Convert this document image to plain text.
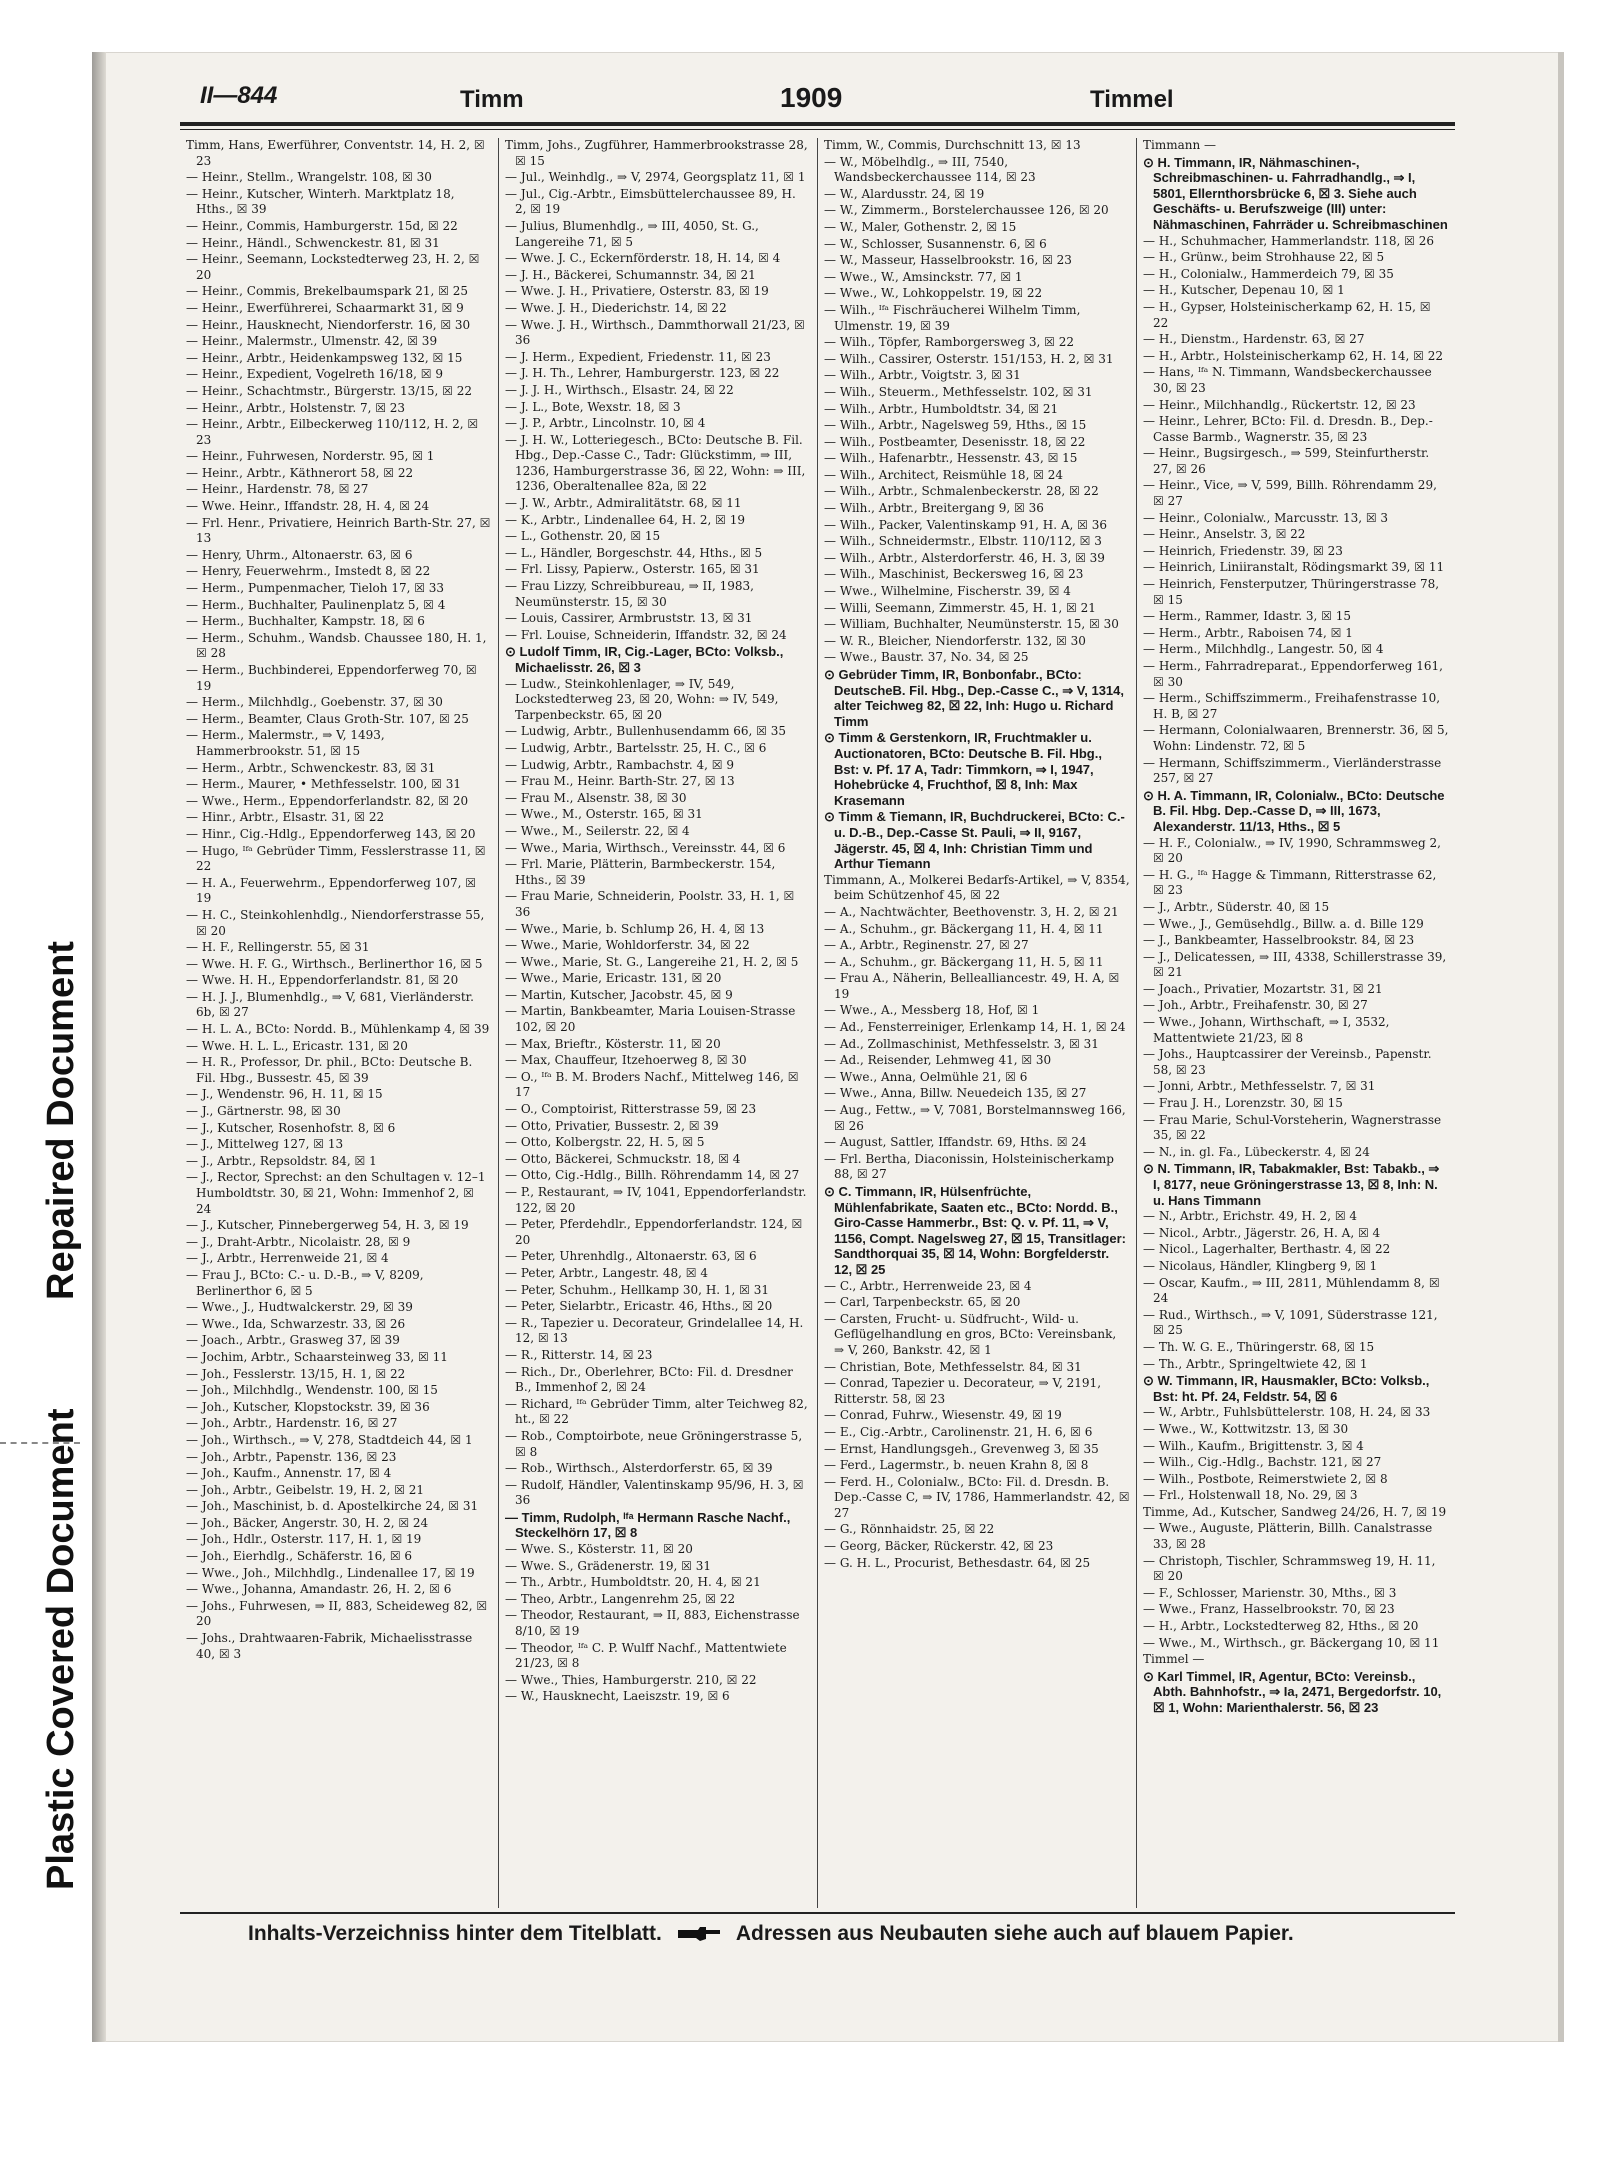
Repaired Document
Plastic Covered Document
II—844	Timm	1909	Timmel
Timm, Hans, Ewerführer, Conventstr. 14, H. 2, ☒ 23
— Heinr., Stellm., Wrangelstr. 108, ☒ 30
— Heinr., Kutscher, Winterh. Marktplatz 18, Hths., ☒ 39
— Heinr., Commis, Hamburgerstr. 15d, ☒ 22
— Heinr., Händl., Schwenckestr. 81, ☒ 31
— Heinr., Seemann, Lockstedterweg 23, H. 2, ☒ 20
— Heinr., Commis, Brekelbaumspark 21, ☒ 25
— Heinr., Ewerführerei, Schaarmarkt 31, ☒ 9
— Heinr., Hausknecht, Niendorferstr. 16, ☒ 30
— Heinr., Malermstr., Ulmenstr. 42, ☒ 39
— Heinr., Arbtr., Heidenkampsweg 132, ☒ 15
— Heinr., Expedient, Vogelreth 16/18, ☒ 9
— Heinr., Schachtmstr., Bürgerstr. 13/15, ☒ 22
— Heinr., Arbtr., Holstenstr. 7, ☒ 23
— Heinr., Arbtr., Eilbeckerweg 110/112, H. 2, ☒ 23
— Heinr., Fuhrwesen, Norderstr. 95, ☒ 1
— Heinr., Arbtr., Käthnerort 58, ☒ 22
— Heinr., Hardenstr. 78, ☒ 27
— Wwe. Heinr., Iffandstr. 28, H. 4, ☒ 24
— Frl. Henr., Privatiere, Heinrich Barth-Str. 27, ☒ 13
— Henry, Uhrm., Altonaerstr. 63, ☒ 6
— Henry, Feuerwehrm., Imstedt 8, ☒ 22
— Herm., Pumpenmacher, Tieloh 17, ☒ 33
— Herm., Buchhalter, Paulinenplatz 5, ☒ 4
— Herm., Buchhalter, Kampstr. 18, ☒ 6
— Herm., Schuhm., Wandsb. Chaussee 180, H. 1, ☒ 28
— Herm., Buchbinderei, Eppendorferweg 70, ☒ 19
— Herm., Milchhdlg., Goebenstr. 37, ☒ 30
— Herm., Beamter, Claus Groth-Str. 107, ☒ 25
— Herm., Malermstr., ⇒ V, 1493, Hammerbrookstr. 51, ☒ 15
— Herm., Arbtr., Schwenckestr. 83, ☒ 31
— Herm., Maurer, • Methfesselstr. 100, ☒ 31
— Wwe., Herm., Eppendorferlandstr. 82, ☒ 20
— Hinr., Arbtr., Elsastr. 31, ☒ 22
— Hinr., Cig.-Hdlg., Eppendorferweg 143, ☒ 20
— Hugo, ᴵᶠᵃ Gebrüder Timm, Fesslerstrasse 11, ☒ 22
— H. A., Feuerwehrm., Eppendorferweg 107, ☒ 19
— H. C., Steinkohlenhdlg., Niendorferstrasse 55, ☒ 20
— H. F., Rellingerstr. 55, ☒ 31
— Wwe. H. F. G., Wirthsch., Berlinerthor 16, ☒ 5
— Wwe. H. H., Eppendorferlandstr. 81, ☒ 20
— H. J. J., Blumenhdlg., ⇒ V, 681, Vierländerstr. 6b, ☒ 27
— H. L. A., BCto: Nordd. B., Mühlenkamp 4, ☒ 39
— Wwe. H. L. L., Ericastr. 131, ☒ 20
— H. R., Professor, Dr. phil., BCto: Deutsche B. Fil. Hbg., Bussestr. 45, ☒ 39
— J., Wendenstr. 96, H. 11, ☒ 15
— J., Gärtnerstr. 98, ☒ 30
— J., Kutscher, Rosenhofstr. 8, ☒ 6
— J., Mittelweg 127, ☒ 13
— J., Arbtr., Repsoldstr. 84, ☒ 1
— J., Rector, Sprechst: an den Schultagen v. 12–1 Humboldtstr. 30, ☒ 21, Wohn: Immenhof 2, ☒ 24
— J., Kutscher, Pinnebergerweg 54, H. 3, ☒ 19
— J., Draht-Arbtr., Nicolaistr. 28, ☒ 9
— J., Arbtr., Herrenweide 21, ☒ 4
— Frau J., BCto: C.- u. D.-B., ⇒ V, 8209, Berlinerthor 6, ☒ 5
— Wwe., J., Hudtwalckerstr. 29, ☒ 39
— Wwe., Ida, Schwarzestr. 33, ☒ 26
— Joach., Arbtr., Grasweg 37, ☒ 39
— Jochim, Arbtr., Schaarsteinweg 33, ☒ 11
— Joh., Fesslerstr. 13/15, H. 1, ☒ 22
— Joh., Milchhdlg., Wendenstr. 100, ☒ 15
— Joh., Kutscher, Klopstockstr. 39, ☒ 36
— Joh., Arbtr., Hardenstr. 16, ☒ 27
— Joh., Wirthsch., ⇒ V, 278, Stadtdeich 44, ☒ 1
— Joh., Arbtr., Papenstr. 136, ☒ 23
— Joh., Kaufm., Annenstr. 17, ☒ 4
— Joh., Arbtr., Geibelstr. 19, H. 2, ☒ 21
— Joh., Maschinist, b. d. Apostelkirche 24, ☒ 31
— Joh., Bäcker, Angerstr. 30, H. 2, ☒ 24
— Joh., Hdlr., Osterstr. 117, H. 1, ☒ 19
— Joh., Eierhdlg., Schäferstr. 16, ☒ 6
— Wwe., Joh., Milchhdlg., Lindenallee 17, ☒ 19
— Wwe., Johanna, Amandastr. 26, H. 2, ☒ 6
— Johs., Fuhrwesen, ⇒ II, 883, Scheideweg 82, ☒ 20
— Johs., Drahtwaaren-Fabrik, Michaelisstrasse 40, ☒ 3
Timm, Johs., Zugführer, Hammerbrookstrasse 28, ☒ 15
— Jul., Weinhdlg., ⇒ V, 2974, Georgsplatz 11, ☒ 1
— Jul., Cig.-Arbtr., Eimsbüttelerchaussee 89, H. 2, ☒ 19
— Julius, Blumenhdlg., ⇒ III, 4050, St. G., Langereihe 71, ☒ 5
— Wwe. J. C., Eckernförderstr. 18, H. 14, ☒ 4
— J. H., Bäckerei, Schumannstr. 34, ☒ 21
— Wwe. J. H., Privatiere, Osterstr. 83, ☒ 19
— Wwe. J. H., Diederichstr. 14, ☒ 22
— Wwe. J. H., Wirthsch., Dammthorwall 21/23, ☒ 36
— J. Herm., Expedient, Friedenstr. 11, ☒ 23
— J. H. Th., Lehrer, Hamburgerstr. 123, ☒ 22
— J. J. H., Wirthsch., Elsastr. 24, ☒ 22
— J. L., Bote, Wexstr. 18, ☒ 3
— J. P., Arbtr., Lincolnstr. 10, ☒ 4
— J. H. W., Lotteriegesch., BCto: Deutsche B. Fil. Hbg., Dep.-Casse C., Tadr: Glückstimm, ⇒ III, 1236, Hamburgerstrasse 36, ☒ 22, Wohn: ⇒ III, 1236, Oberaltenallee 82a, ☒ 22
— J. W., Arbtr., Admiralitätstr. 68, ☒ 11
— K., Arbtr., Lindenallee 64, H. 2, ☒ 19
— L., Gothenstr. 20, ☒ 15
— L., Händler, Borgeschstr. 44, Hths., ☒ 5
— Frl. Lissy, Papierw., Osterstr. 165, ☒ 31
— Frau Lizzy, Schreibbureau, ⇒ II, 1983, Neumünsterstr. 15, ☒ 30
— Louis, Cassirer, Armbruststr. 13, ☒ 31
— Frl. Louise, Schneiderin, Iffandstr. 32, ☒ 24
⊙ Ludolf Timm, IR, Cig.-Lager, BCto: Volksb., Michaelisstr. 26, ☒ 3
— Ludw., Steinkohlenlager, ⇒ IV, 549, Lockstedterweg 23, ☒ 20, Wohn: ⇒ IV, 549, Tarpenbeckstr. 65, ☒ 20
— Ludwig, Arbtr., Bullenhusendamm 66, ☒ 35
— Ludwig, Arbtr., Bartelsstr. 25, H. C., ☒ 6
— Ludwig, Arbtr., Rambachstr. 4, ☒ 9
— Frau M., Heinr. Barth-Str. 27, ☒ 13
— Frau M., Alsenstr. 38, ☒ 30
— Wwe., M., Osterstr. 165, ☒ 31
— Wwe., M., Seilerstr. 22, ☒ 4
— Wwe., Maria, Wirthsch., Vereinsstr. 44, ☒ 6
— Frl. Marie, Plätterin, Barmbeckerstr. 154, Hths., ☒ 39
— Frau Marie, Schneiderin, Poolstr. 33, H. 1, ☒ 36
— Wwe., Marie, b. Schlump 26, H. 4, ☒ 13
— Wwe., Marie, Wohldorferstr. 34, ☒ 22
— Wwe., Marie, St. G., Langereihe 21, H. 2, ☒ 5
— Wwe., Marie, Ericastr. 131, ☒ 20
— Martin, Kutscher, Jacobstr. 45, ☒ 9
— Martin, Bankbeamter, Maria Louisen-Strasse 102, ☒ 20
— Max, Brieftr., Kösterstr. 11, ☒ 20
— Max, Chauffeur, Itzehoerweg 8, ☒ 30
— O., ᴵᶠᵃ B. M. Broders Nachf., Mittelweg 146, ☒ 17
— O., Comptoirist, Ritterstrasse 59, ☒ 23
— Otto, Privatier, Bussestr. 2, ☒ 39
— Otto, Kolbergstr. 22, H. 5, ☒ 5
— Otto, Bäckerei, Schmuckstr. 18, ☒ 4
— Otto, Cig.-Hdlg., Billh. Röhrendamm 14, ☒ 27
— P., Restaurant, ⇒ IV, 1041, Eppendorferlandstr. 122, ☒ 20
— Peter, Pferdehdlr., Eppendorferlandstr. 124, ☒ 20
— Peter, Uhrenhdlg., Altonaerstr. 63, ☒ 6
— Peter, Arbtr., Langestr. 48, ☒ 4
— Peter, Schuhm., Hellkamp 30, H. 1, ☒ 31
— Peter, Sielarbtr., Ericastr. 46, Hths., ☒ 20
— R., Tapezier u. Decorateur, Grindelallee 14, H. 12, ☒ 13
— R., Ritterstr. 14, ☒ 23
— Rich., Dr., Oberlehrer, BCto: Fil. d. Dresdner B., Immenhof 2, ☒ 24
— Richard, ᴵᶠᵃ Gebrüder Timm, alter Teichweg 82, ht., ☒ 22
— Rob., Comptoirbote, neue Gröningerstrasse 5, ☒ 8
— Rob., Wirthsch., Alsterdorferstr. 65, ☒ 39
— Rudolf, Händler, Valentinskamp 95/96, H. 3, ☒ 36
— Timm, Rudolph, ᴵᶠᵃ Hermann Rasche Nachf., Steckelhörn 17, ☒ 8
— Wwe. S., Kösterstr. 11, ☒ 20
— Wwe. S., Grädenerstr. 19, ☒ 31
— Th., Arbtr., Humboldtstr. 20, H. 4, ☒ 21
— Theo, Arbtr., Langenrehm 25, ☒ 22
— Theodor, Restaurant, ⇒ II, 883, Eichenstrasse 8/10, ☒ 19
— Theodor, ᴵᶠᵃ C. P. Wulff Nachf., Mattentwiete 21/23, ☒ 8
— Wwe., Thies, Hamburgerstr. 210, ☒ 22
— W., Hausknecht, Laeiszstr. 19, ☒ 6
Timm, W., Commis, Durchschnitt 13, ☒ 13
— W., Möbelhdlg., ⇒ III, 7540, Wandsbeckerchaussee 114, ☒ 23
— W., Alardusstr. 24, ☒ 19
— W., Zimmerm., Borstelerchaussee 126, ☒ 20
— W., Maler, Gothenstr. 2, ☒ 15
— W., Schlosser, Susannenstr. 6, ☒ 6
— W., Masseur, Hasselbrookstr. 16, ☒ 23
— Wwe., W., Amsinckstr. 77, ☒ 1
— Wwe., W., Lohkoppelstr. 19, ☒ 22
— Wilh., ᴵᶠᵃ Fischräucherei Wilhelm Timm, Ulmenstr. 19, ☒ 39
— Wilh., Töpfer, Ramborgersweg 3, ☒ 22
— Wilh., Cassirer, Osterstr. 151/153, H. 2, ☒ 31
— Wilh., Arbtr., Voigtstr. 3, ☒ 31
— Wilh., Steuerm., Methfesselstr. 102, ☒ 31
— Wilh., Arbtr., Humboldtstr. 34, ☒ 21
— Wilh., Arbtr., Nagelsweg 59, Hths., ☒ 15
— Wilh., Postbeamter, Desenisstr. 18, ☒ 22
— Wilh., Hafenarbtr., Hessenstr. 43, ☒ 15
— Wilh., Architect, Reismühle 18, ☒ 24
— Wilh., Arbtr., Schmalenbeckerstr. 28, ☒ 22
— Wilh., Arbtr., Breitergang 9, ☒ 36
— Wilh., Packer, Valentinskamp 91, H. A, ☒ 36
— Wilh., Schneidermstr., Elbstr. 110/112, ☒ 3
— Wilh., Arbtr., Alsterdorferstr. 46, H. 3, ☒ 39
— Wilh., Maschinist, Beckersweg 16, ☒ 23
— Wwe., Wilhelmine, Fischerstr. 39, ☒ 4
— Willi, Seemann, Zimmerstr. 45, H. 1, ☒ 21
— William, Buchhalter, Neumünsterstr. 15, ☒ 30
— W. R., Bleicher, Niendorferstr. 132, ☒ 30
— Wwe., Baustr. 37, No. 34, ☒ 25
⊙ Gebrüder Timm, IR, Bonbonfabr., BCto: DeutscheB. Fil. Hbg., Dep.-Casse C., ⇒ V, 1314, alter Teichweg 82, ☒ 22, Inh: Hugo u. Richard Timm
⊙ Timm & Gerstenkorn, IR, Fruchtmakler u. Auctionatoren, BCto: Deutsche B. Fil. Hbg., Bst: v. Pf. 17 A, Tadr: Timmkorn, ⇒ I, 1947, Hohebrücke 4, Fruchthof, ☒ 8, Inh: Max Krasemann
⊙ Timm & Tiemann, IR, Buchdruckerei, BCto: C.- u. D.-B., Dep.-Casse St. Pauli, ⇒ II, 9167, Jägerstr. 45, ☒ 4, Inh: Christian Timm und Arthur Tiemann
Timmann, A., Molkerei Bedarfs-Artikel, ⇒ V, 8354, beim Schützenhof 45, ☒ 22
— A., Nachtwächter, Beethovenstr. 3, H. 2, ☒ 21
— A., Schuhm., gr. Bäckergang 11, H. 4, ☒ 11
— A., Arbtr., Reginenstr. 27, ☒ 27
— A., Schuhm., gr. Bäckergang 11, H. 5, ☒ 11
— Frau A., Näherin, Bellealliancestr. 49, H. A, ☒ 19
— Wwe., A., Messberg 18, Hof, ☒ 1
— Ad., Fensterreiniger, Erlenkamp 14, H. 1, ☒ 24
— Ad., Zollmaschinist, Methfesselstr. 3, ☒ 31
— Ad., Reisender, Lehmweg 41, ☒ 30
— Wwe., Anna, Oelmühle 21, ☒ 6
— Wwe., Anna, Billw. Neuedeich 135, ☒ 27
— Aug., Fettw., ⇒ V, 7081, Borstelmannsweg 166, ☒ 26
— August, Sattler, Iffandstr. 69, Hths. ☒ 24
— Frl. Bertha, Diaconissin, Holsteinischerkamp 88, ☒ 27
⊙ C. Timmann, IR, Hülsenfrüchte, Mühlenfabrikate, Saaten etc., BCto: Nordd. B., Giro-Casse Hammerbr., Bst: Q. v. Pf. 11, ⇒ V, 1156, Compt. Nagelsweg 27, ☒ 15, Transitlager: Sandthorquai 35, ☒ 14, Wohn: Borgfelderstr. 12, ☒ 25
— C., Arbtr., Herrenweide 23, ☒ 4
— Carl, Tarpenbeckstr. 65, ☒ 20
— Carsten, Frucht- u. Südfrucht-, Wild- u. Geflügelhandlung en gros, BCto: Vereinsbank, ⇒ V, 260, Bankstr. 42, ☒ 1
— Christian, Bote, Methfesselstr. 84, ☒ 31
— Conrad, Tapezier u. Decorateur, ⇒ V, 2191, Ritterstr. 58, ☒ 23
— Conrad, Fuhrw., Wiesenstr. 49, ☒ 19
— E., Cig.-Arbtr., Carolinenstr. 21, H. 6, ☒ 6
— Ernst, Handlungsgeh., Grevenweg 3, ☒ 35
— Ferd., Lagermstr., b. neuen Krahn 8, ☒ 8
— Ferd. H., Colonialw., BCto: Fil. d. Dresdn. B. Dep.-Casse C, ⇒ IV, 1786, Hammerlandstr. 42, ☒ 27
— G., Rönnhaidstr. 25, ☒ 22
— Georg, Bäcker, Rückerstr. 42, ☒ 23
— G. H. L., Procurist, Bethesdastr. 64, ☒ 25
Timmann —
⊙ H. Timmann, IR, Nähmaschinen-, Schreibmaschinen- u. Fahrradhandlg., ⇒ I, 5801, Ellernthorsbrücke 6, ☒ 3. Siehe auch Geschäfts- u. Berufszweige (III) unter: Nähmaschinen, Fahrräder u. Schreibmaschinen
— H., Schuhmacher, Hammerlandstr. 118, ☒ 26
— H., Grünw., beim Strohhause 22, ☒ 5
— H., Colonialw., Hammerdeich 79, ☒ 35
— H., Kutscher, Depenau 10, ☒ 1
— H., Gypser, Holsteinischerkamp 62, H. 15, ☒ 22
— H., Dienstm., Hardenstr. 63, ☒ 27
— H., Arbtr., Holsteinischerkamp 62, H. 14, ☒ 22
— Hans, ᴵᶠᵃ N. Timmann, Wandsbeckerchaussee 30, ☒ 23
— Heinr., Milchhandlg., Rückertstr. 12, ☒ 23
— Heinr., Lehrer, BCto: Fil. d. Dresdn. B., Dep.-Casse Barmb., Wagnerstr. 35, ☒ 23
— Heinr., Bugsirgesch., ⇒ 599, Steinfurtherstr. 27, ☒ 26
— Heinr., Vice, ⇒ V, 599, Billh. Röhrendamm 29, ☒ 27
— Heinr., Colonialw., Marcusstr. 13, ☒ 3
— Heinr., Anselstr. 3, ☒ 22
— Heinrich, Friedenstr. 39, ☒ 23
— Heinrich, Liniiranstalt, Rödingsmarkt 39, ☒ 11
— Heinrich, Fensterputzer, Thüringerstrasse 78, ☒ 15
— Herm., Rammer, Idastr. 3, ☒ 15
— Herm., Arbtr., Raboisen 74, ☒ 1
— Herm., Milchhdlg., Langestr. 50, ☒ 4
— Herm., Fahrradreparat., Eppendorferweg 161, ☒ 30
— Herm., Schiffszimmerm., Freihafenstrasse 10, H. B, ☒ 27
— Hermann, Colonialwaaren, Brennerstr. 36, ☒ 5, Wohn: Lindenstr. 72, ☒ 5
— Hermann, Schiffszimmerm., Vierländerstrasse 257, ☒ 27
⊙ H. A. Timmann, IR, Colonialw., BCto: Deutsche B. Fil. Hbg. Dep.-Casse D, ⇒ III, 1673, Alexanderstr. 11/13, Hths., ☒ 5
— H. F., Colonialw., ⇒ IV, 1990, Schrammsweg 2, ☒ 20
— H. G., ᴵᶠᵃ Hagge & Timmann, Ritterstrasse 62, ☒ 23
— J., Arbtr., Süderstr. 40, ☒ 15
— Wwe., J., Gemüsehdlg., Billw. a. d. Bille 129
— J., Bankbeamter, Hasselbrookstr. 84, ☒ 23
— J., Delicatessen, ⇒ III, 4338, Schillerstrasse 39, ☒ 21
— Joach., Privatier, Mozartstr. 31, ☒ 21
— Joh., Arbtr., Freihafenstr. 30, ☒ 27
— Wwe., Johann, Wirthschaft, ⇒ I, 3532, Mattentwiete 21/23, ☒ 8
— Johs., Hauptcassirer der Vereinsb., Papenstr. 58, ☒ 23
— Jonni, Arbtr., Methfesselstr. 7, ☒ 31
— Frau J. H., Lorenzstr. 30, ☒ 15
— Frau Marie, Schul-Vorsteherin, Wagnerstrasse 35, ☒ 22
— N., in. gl. Fa., Lübeckerstr. 4, ☒ 24
⊙ N. Timmann, IR, Tabakmakler, Bst: Tabakb., ⇒ I, 8177, neue Gröningerstrasse 13, ☒ 8, Inh: N. u. Hans Timmann
— N., Arbtr., Erichstr. 49, H. 2, ☒ 4
— Nicol., Arbtr., Jägerstr. 26, H. A, ☒ 4
— Nicol., Lagerhalter, Berthastr. 4, ☒ 22
— Nicolaus, Händler, Klingberg 9, ☒ 1
— Oscar, Kaufm., ⇒ III, 2811, Mühlendamm 8, ☒ 24
— Rud., Wirthsch., ⇒ V, 1091, Süderstrasse 121, ☒ 25
— Th. W. G. E., Thüringerstr. 68, ☒ 15
— Th., Arbtr., Springeltwiete 42, ☒ 1
⊙ W. Timmann, IR, Hausmakler, BCto: Volksb., Bst: ht. Pf. 24, Feldstr. 54, ☒ 6
— W., Arbtr., Fuhlsbüttelerstr. 108, H. 24, ☒ 33
— Wwe., W., Kottwitzstr. 13, ☒ 30
— Wilh., Kaufm., Brigittenstr. 3, ☒ 4
— Wilh., Cig.-Hdlg., Bachstr. 121, ☒ 27
— Wilh., Postbote, Reimerstwiete 2, ☒ 8
— Frl., Holstenwall 18, No. 29, ☒ 3
Timme, Ad., Kutscher, Sandweg 24/26, H. 7, ☒ 19
— Wwe., Auguste, Plätterin, Billh. Canalstrasse 33, ☒ 28
— Christoph, Tischler, Schrammsweg 19, H. 11, ☒ 20
— F., Schlosser, Marienstr. 30, Mths., ☒ 3
— Wwe., Franz, Hasselbrookstr. 70, ☒ 23
— H., Arbtr., Lockstedterweg 82, Hths., ☒ 20
— Wwe., M., Wirthsch., gr. Bäckergang 10, ☒ 11
Timmel —
⊙ Karl Timmel, IR, Agentur, BCto: Vereinsb., Abth. Bahnhofstr., ⇒ Ia, 2471, Bergedorfstr. 10, ☒ 1, Wohn: Marienthalerstr. 56, ☒ 23
Inhalts-Verzeichniss hinter dem Titelblatt.	Adressen aus Neubauten siehe auch auf blauem Papier.
